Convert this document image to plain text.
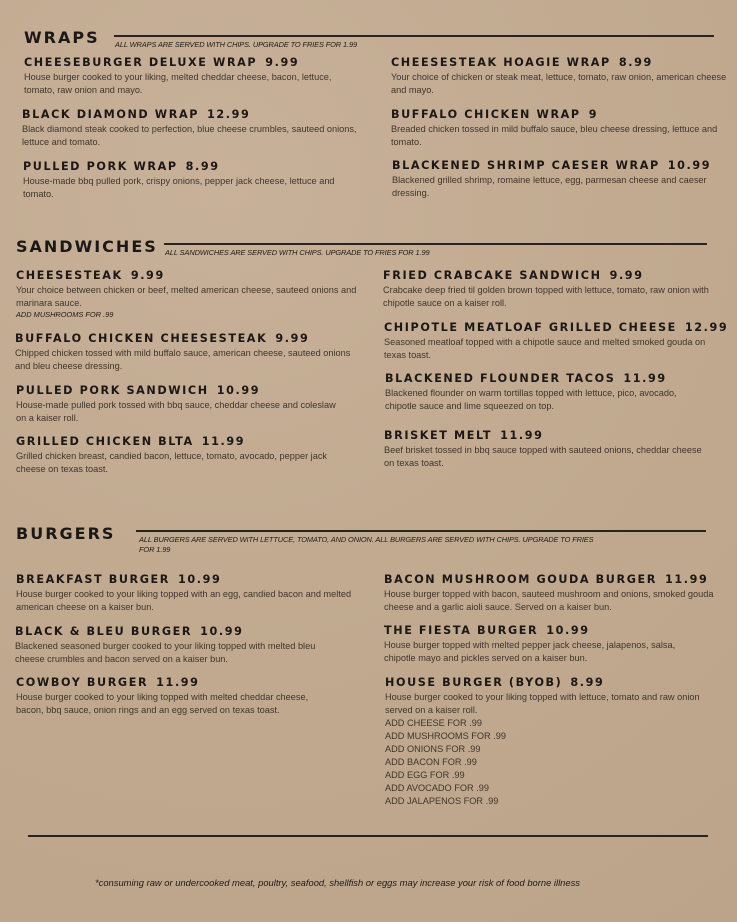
WRAPS ALL WRAPS ARE SERVED WITH CHIPS. UPGRADE TO FRIES FOR 1.99
CHEESEBURGER DELUXE WRAP 9.99
House burger cooked to your liking, melted cheddar cheese, bacon, lettuce, tomato, raw onion and mayo.
BLACK DIAMOND WRAP 12.99
Black diamond steak cooked to perfection, blue cheese crumbles, sauteed onions, lettuce and tomato.
PULLED PORK WRAP 8.99
House-made bbq pulled pork, crispy onions, pepper jack cheese, lettuce and tomato.
CHEESESTEAK HOAGIE WRAP 8.99
Your choice of chicken or steak meat, lettuce, tomato, raw onion, american cheese and mayo.
BUFFALO CHICKEN WRAP 9
Breaded chicken tossed in mild buffalo sauce, bleu cheese dressing, lettuce and tomato.
BLACKENED SHRIMP CAESER WRAP 10.99
Blackened grilled shrimp, romaine lettuce, egg, parmesan cheese and caeser dressing.
SANDWICHES ALL SANDWICHES ARE SERVED WITH CHIPS. UPGRADE TO FRIES FOR 1.99
CHEESESTEAK 9.99
Your choice between chicken or beef, melted american cheese, sauteed onions and marinara sauce.
ADD MUSHROOMS FOR .99
BUFFALO CHICKEN CHEESESTEAK 9.99
Chipped chicken tossed with mild buffalo sauce, american cheese, sauteed onions and bleu cheese dressing.
PULLED PORK SANDWICH 10.99
House-made pulled pork tossed with bbq sauce, cheddar cheese and coleslaw on a kaiser roll.
GRILLED CHICKEN BLTA 11.99
Grilled chicken breast, candied bacon, lettuce, tomato, avocado, pepper jack cheese on texas toast.
FRIED CRABCAKE SANDWICH 9.99
Crabcake deep fried til golden brown topped with lettuce, tomato, raw onion with chipotle sauce on a kaiser roll.
CHIPOTLE MEATLOAF GRILLED CHEESE 12.99
Seasoned meatloaf topped with a chipotle sauce and melted smoked gouda on texas toast.
BLACKENED FLOUNDER TACOS 11.99
Blackened flounder on warm tortillas topped with lettuce, pico, avocado, chipotle sauce and lime squeezed on top.
BRISKET MELT 11.99
Beef brisket tossed in bbq sauce topped with sauteed onions, cheddar cheese on texas toast.
BURGERS	ALL BURGERS ARE SERVED WITH LETTUCE, TOMATO, AND ONION. ALL BURGERS ARE SERVED WITH CHIPS. UPGRADE TO FRIES FOR 1.99
BREAKFAST BURGER 10.99
House burger cooked to your liking topped with an egg, candied bacon and melted american cheese on a kaiser bun.
BLACK & BLEU BURGER 10.99
Blackened seasoned burger cooked to your liking topped with melted bleu cheese crumbles and bacon served on a kaiser bun.
COWBOY BURGER 11.99
House burger cooked to your liking topped with melted cheddar cheese, bacon, bbq sauce, onion rings and an egg served on texas toast.
BACON MUSHROOM GOUDA BURGER 11.99
House burger topped with bacon, sauteed mushroom and onions, smoked gouda cheese and a garlic aioli sauce. Served on a kaiser bun.
THE FIESTA BURGER 10.99
House burger topped with melted pepper jack cheese, jalapenos, salsa, chipotle mayo and pickles served on a kaiser bun.
HOUSE BURGER (BYOB) 8.99
House burger cooked to your liking topped with lettuce, tomato and raw onion served on a kaiser roll.
ADD CHEESE FOR .99
ADD MUSHROOMS FOR .99
ADD ONIONS FOR .99
ADD BACON FOR .99
ADD EGG FOR .99
ADD AVOCADO FOR .99
ADD JALAPENOS FOR .99
*consuming raw or undercooked meat, poultry, seafood, shellfish or eggs may increase your risk of food borne illness
